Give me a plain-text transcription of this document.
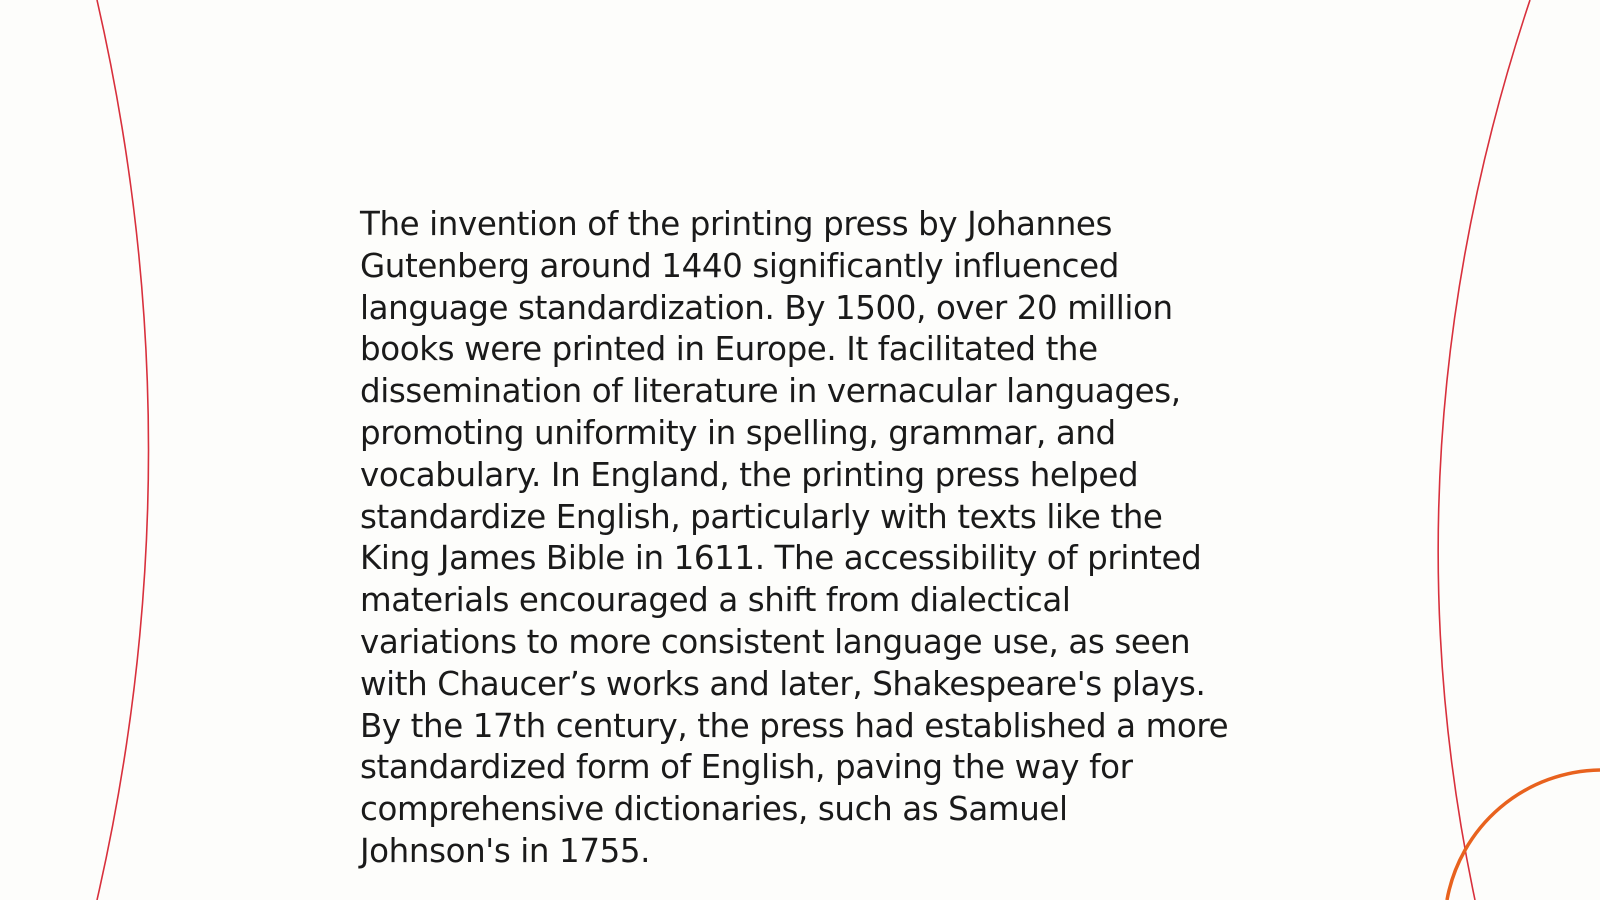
The invention of the printing press by Johannes
Gutenberg around 1440 significantly influenced
language standardization. By 1500, over 20 million
books were printed in Europe. It facilitated the
dissemination of literature in vernacular languages,
promoting uniformity in spelling, grammar, and
vocabulary. In England, the printing press helped
standardize English, particularly with texts like the
King James Bible in 1611. The accessibility of printed
materials encouraged a shift from dialectical
variations to more consistent language use, as seen
with Chaucer’s works and later, Shakespeare's plays.
By the 17th century, the press had established a more
standardized form of English, paving the way for
comprehensive dictionaries, such as Samuel
Johnson's in 1755.
